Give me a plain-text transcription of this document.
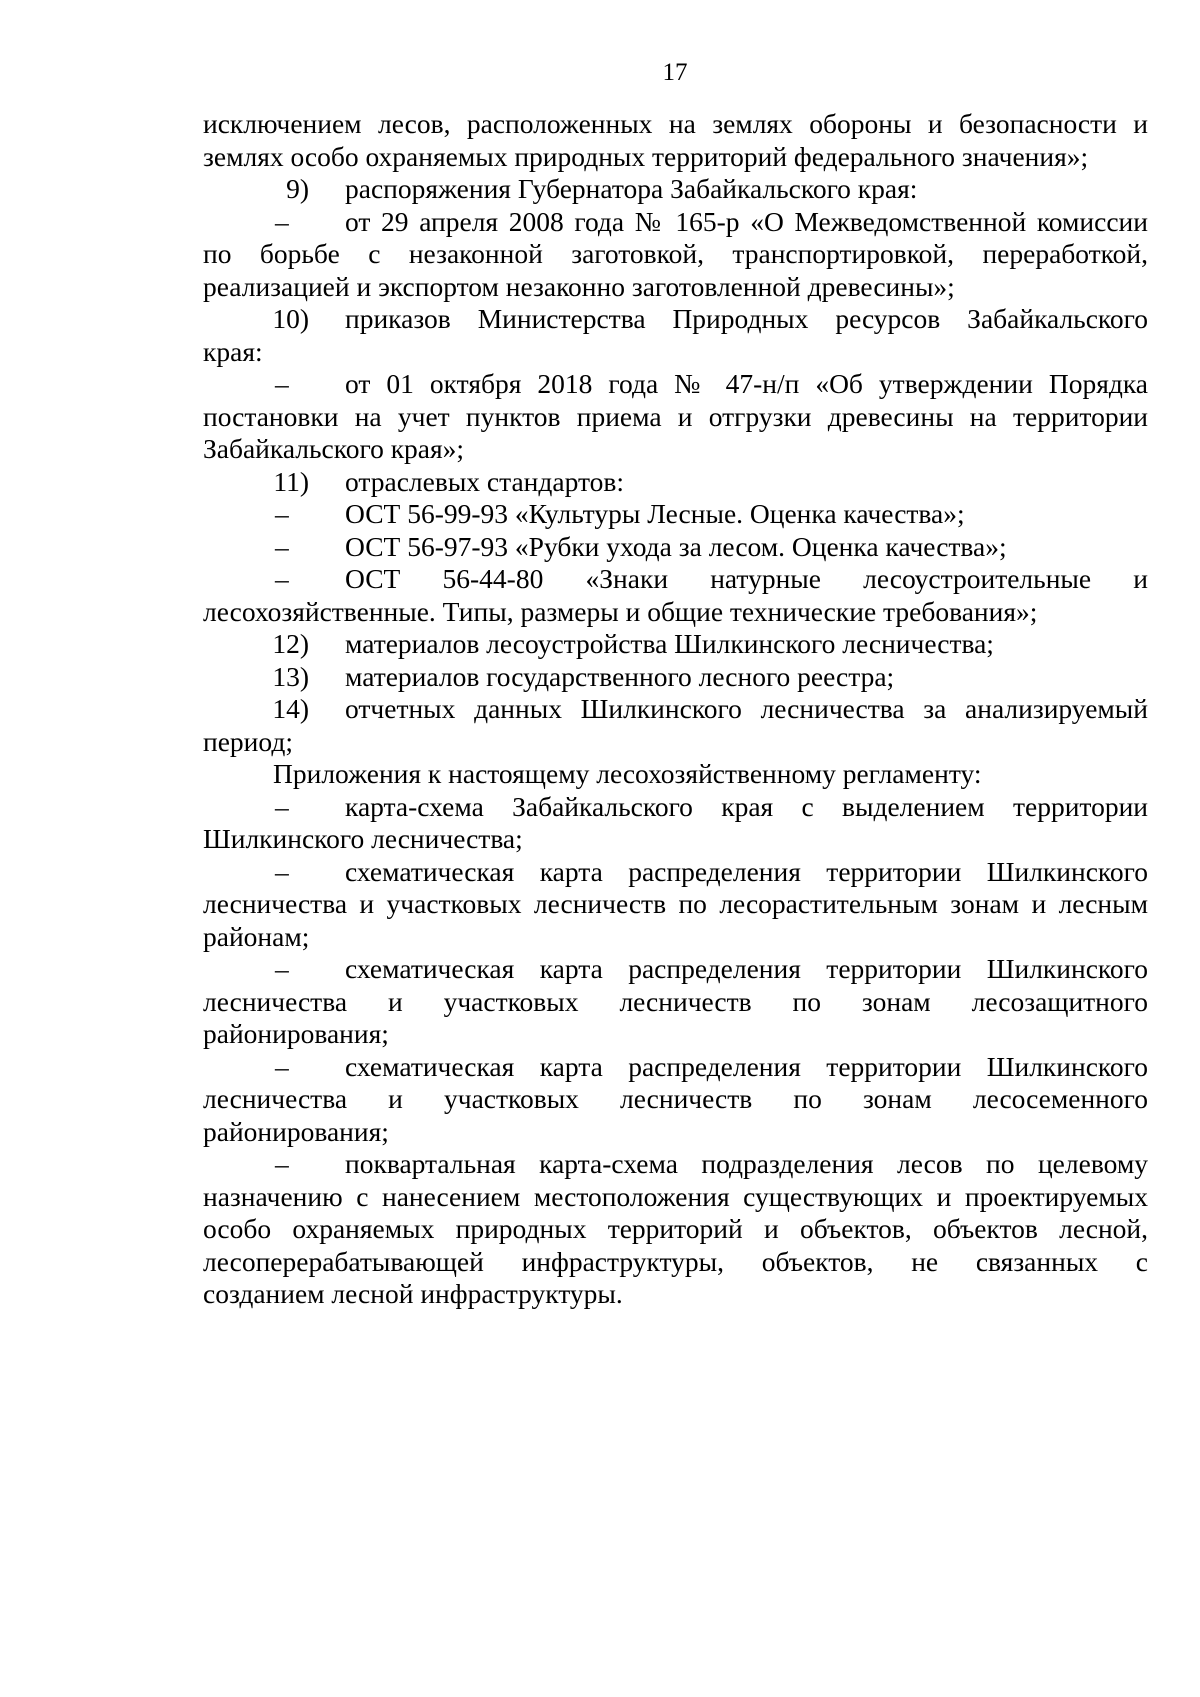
17
исключением лесов, расположенных на землях обороны и безопасности и
землях особо охраняемых природных территорий федерального значения»;
9)	распоряжения Губернатора Забайкальского края:
–	от 29 апреля 2008 года № 165-р «О Межведомственной комиссии
по борьбе с незаконной заготовкой, транспортировкой, переработкой,
реализацией и экспортом незаконно заготовленной древесины»;
10)	приказов Министерства Природных ресурсов Забайкальского
края:
–	от 01 октября 2018 года № 47-н/п «Об утверждении Порядка
постановки на учет пунктов приема и отгрузки древесины на территории
Забайкальского края»;
11)	отраслевых стандартов:
–	ОСТ 56-99-93 «Культуры Лесные. Оценка качества»;
–	ОСТ 56-97-93 «Рубки ухода за лесом. Оценка качества»;
–	ОСТ 56-44-80 «Знаки натурные лесоустроительные и
лесохозяйственные. Типы, размеры и общие технические требования»;
12)	материалов лесоустройства Шилкинского лесничества;
13)	материалов государственного лесного реестра;
14)	отчетных данных Шилкинского лесничества за анализируемый
период;
Приложения к настоящему лесохозяйственному регламенту:
–	карта-схема Забайкальского края с выделением территории
Шилкинского лесничества;
–	схематическая карта распределения территории Шилкинского
лесничества и участковых лесничеств по лесорастительным зонам и лесным
районам;
–	схематическая карта распределения территории Шилкинского
лесничества и участковых лесничеств по зонам лесозащитного
районирования;
–	схематическая карта распределения территории Шилкинского
лесничества и участковых лесничеств по зонам лесосеменного
районирования;
–	поквартальная карта-схема подразделения лесов по целевому
назначению с нанесением местоположения существующих и проектируемых
особо охраняемых природных территорий и объектов, объектов лесной,
лесоперерабатывающей инфраструктуры, объектов, не связанных с
созданием лесной инфраструктуры.
